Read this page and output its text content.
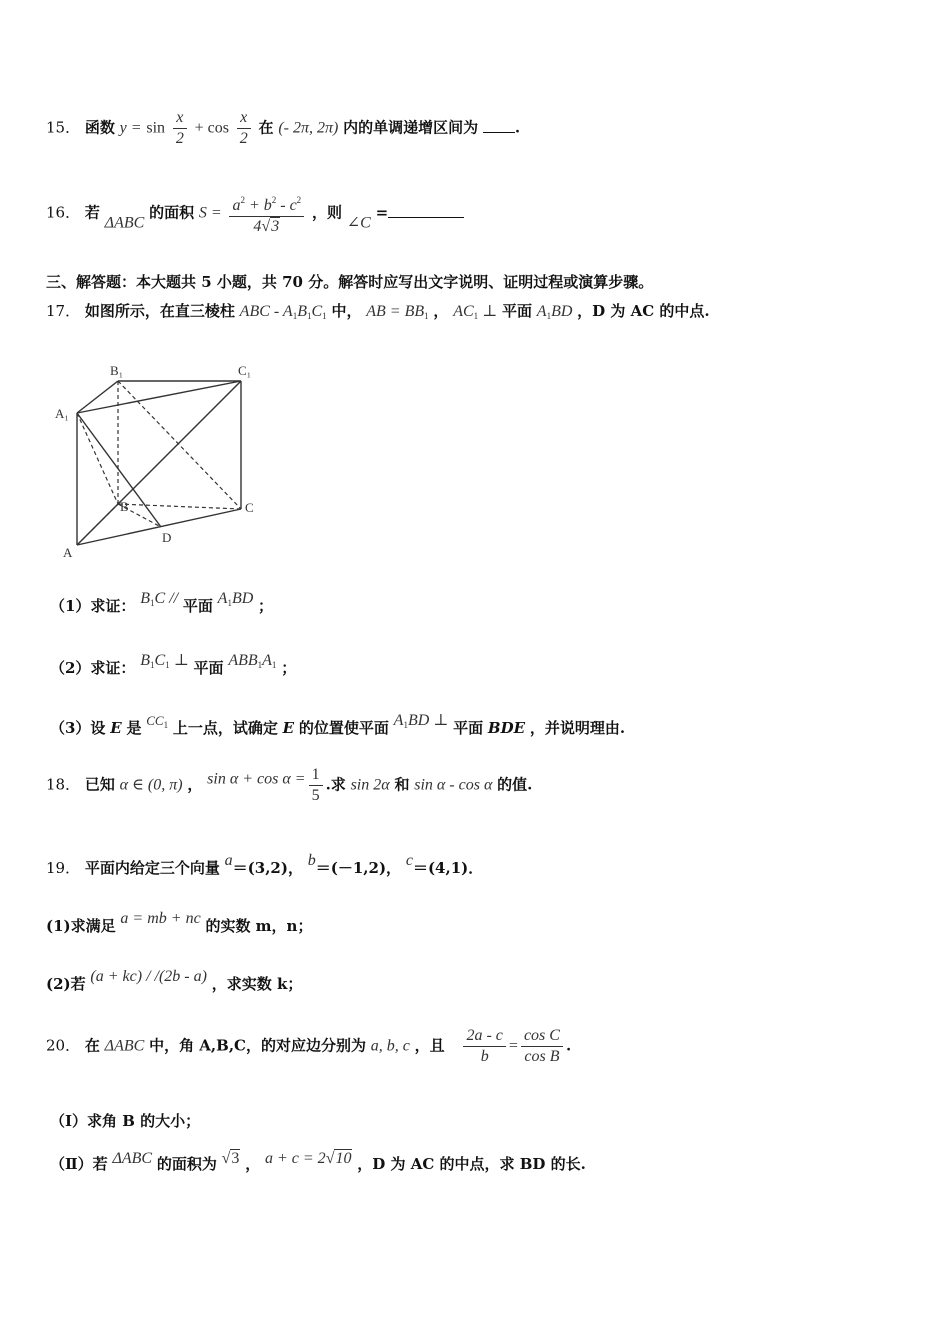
15． 函数 $y = \sin \frac{x}{2} + \cos \frac{x}{2}$ 在 (- 2π, 2π) 内的单调递增区间为 .
16． 若 ΔABC 的面积 $S = \frac{a^2 + b^2 - c^2}{4√3}$ ，则 ∠C =
三、解答题：本大题共 5 小题，共 70 分。解答时应写出文字说明、证明过程或演算步骤。
17． 如图所示，在直三棱柱 ABC - $A_1B_1C_1$ 中， AB = $BB_1$ ， $AC_1$ ⊥ 平面 $A_1BD$ ，D 为 AC 的中点.
B₁	C₁
A₁
B	C
A
D
（1）求证： $B_1C$ // 平面 $A_1BD$ ；
（2）求证： $B_1C_1$ ⊥ 平面 $ABB_1A_1$ ；
（3）设 E 是 $CC_1$ 上一点，试确定 E 的位置使平面 $A_1BD$ ⊥ 平面 BDE ，并说明理由.
18． 已知 α ∈ (0, π) ， $\sin \alpha + \cos \alpha = \frac{1}{5}$ .求 sin 2α 和 sin α - cos α 的值.
19． 平面内给定三个向量 a＝(3,2)， b＝(－1,2)， c＝(4,1)．
(1)求满足 a = mb + nc 的实数 m，n；
(2)若 (a + kc) / /(2b - a) ，求实数 k；
20． 在 ΔABC 中，角 A,B,C，的对应边分别为 a, b, c ，且 $\frac{2a - c}{b} = \frac{\text{cos C}}{\text{cos B}}$ .
（Ⅰ）求角 B 的大小；
（Ⅱ）若 ΔABC 的面积为 √3 ， a + c = 2√10 ，D 为 AC 的中点，求 BD 的长.
